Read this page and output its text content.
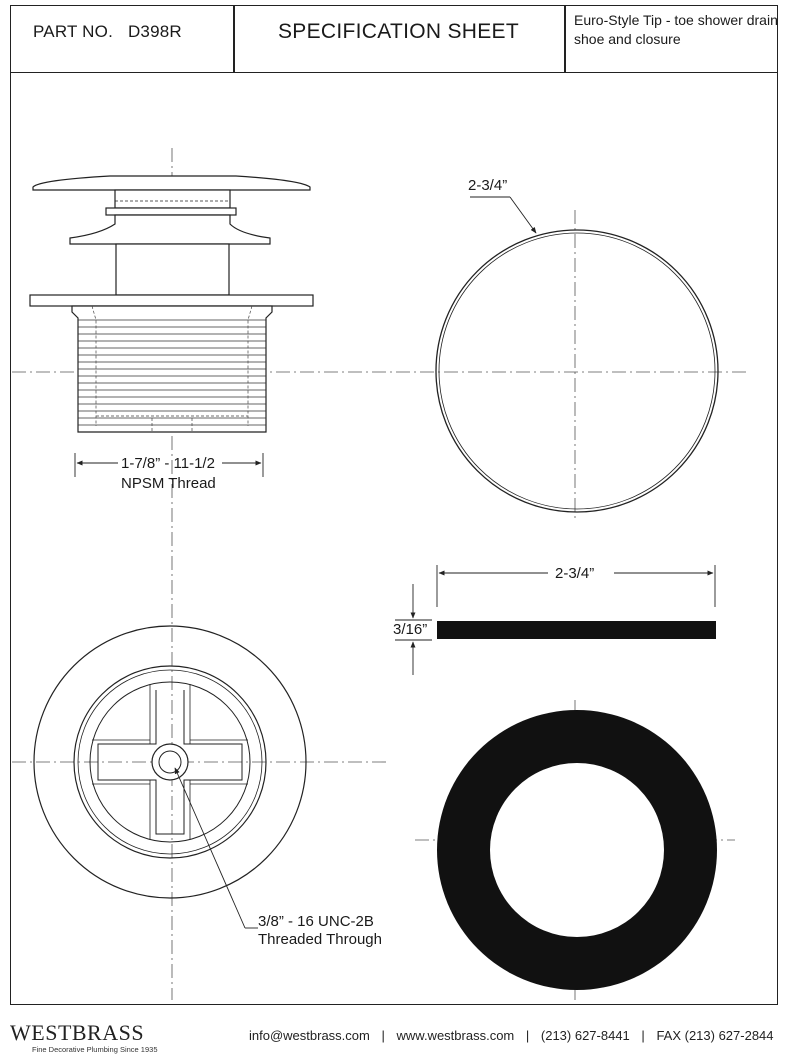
PART NO. D398R	SPECIFICATION SHEET	Euro-Style Tip - toe shower drain shoe and closure
1-7/8” - 11-1/2
NPSM Thread
2-3/4”
2-3/4”
3/16”
3/8” - 16 UNC-2B
Threaded Through
WESTBRASS
Fine Decorative Plumbing Since 1935
info@westbrass.com | www.westbrass.com | (213) 627-8441 | FAX (213) 627-2844
